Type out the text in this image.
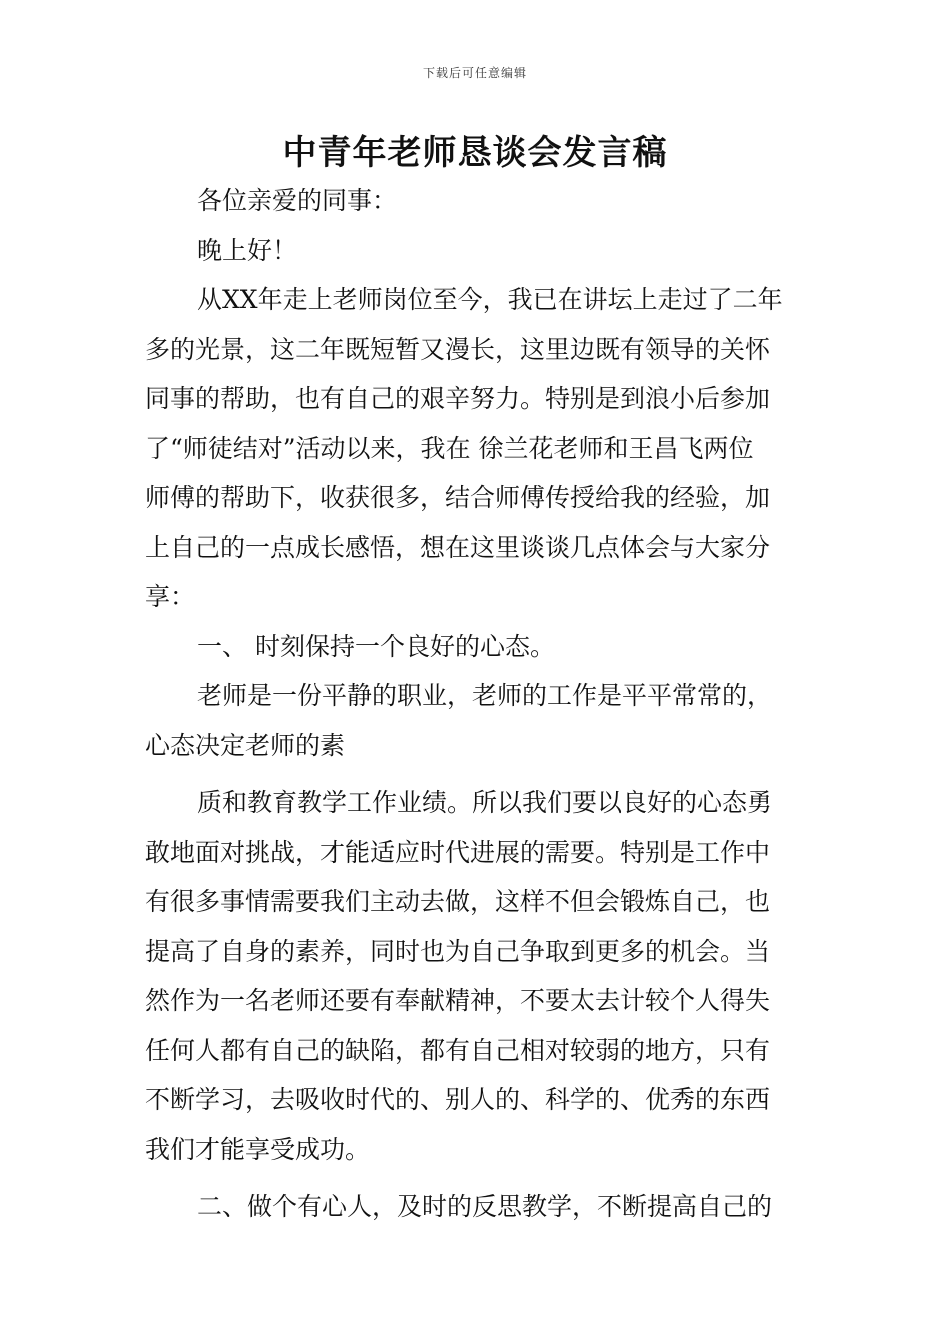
下载后可任意编辑
中青年老师恳谈会发言稿
各位亲爱的同事：
晚上好！
从XX年走上老师岗位至今，我已在讲坛上走过了二年
多的光景，这二年既短暂又漫长，这里边既有领导的关怀
同事的帮助，也有自己的艰辛努力。特别是到浪小后参加
了“师徒结对”活动以来，我在 徐兰花老师和王昌飞两位
师傅的帮助下，收获很多，结合师傅传授给我的经验，加
上自己的一点成长感悟，想在这里谈谈几点体会与大家分
享：
一、 时刻保持一个良好的心态。
老师是一份平静的职业，老师的工作是平平常常的，
心态决定老师的素
质和教育教学工作业绩。所以我们要以良好的心态勇
敢地面对挑战，才能适应时代进展的需要。特别是工作中
有很多事情需要我们主动去做，这样不但会锻炼自己，也
提高了自身的素养，同时也为自己争取到更多的机会。当
然作为一名老师还要有奉献精神，不要太去计较个人得失
任何人都有自己的缺陷，都有自己相对较弱的地方，只有
不断学习，去吸收时代的、别人的、科学的、优秀的东西
我们才能享受成功。
二、做个有心人，及时的反思教学，不断提高自己的
